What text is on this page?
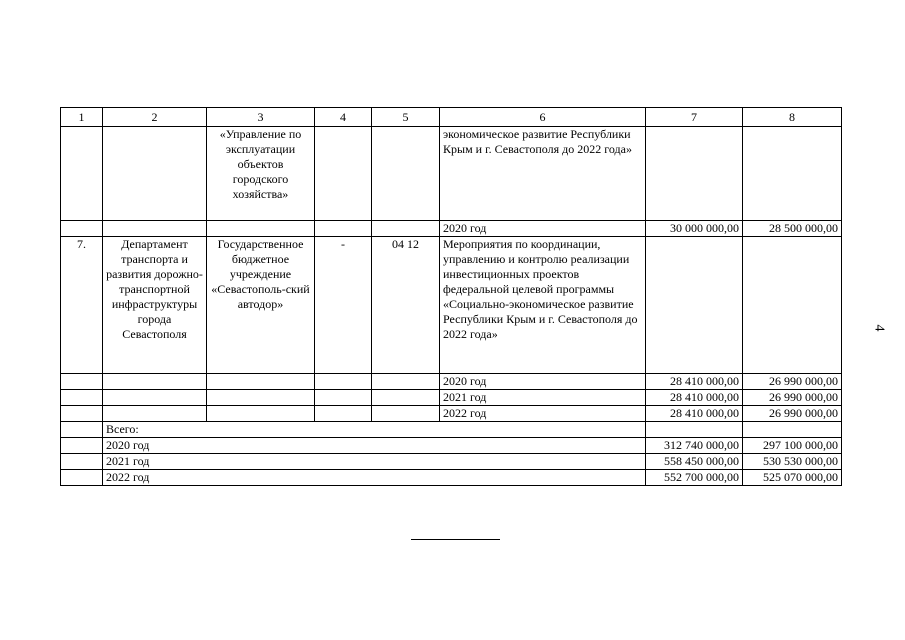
1	2	3	4	5	6	7	8
		«Управление по эксплуатации объектов городского хозяйства»			экономическое развитие Республики Крым и г. Севастополя до 2022 года»		
					2020 год	30 000 000,00	28 500 000,00
7.	Департамент транспорта и развития дорожно-транспортной инфраструктуры города Севастополя	Государственное бюджетное учреждение «Севастополь-ский автодор»	-	04 12	Мероприятия по координации, управлению и контролю реализации инвестиционных проектов федеральной целевой программы «Социально-экономическое развитие Республики Крым и г. Севастополя до 2022 года»		
					2020 год	28 410 000,00	26 990 000,00
					2021 год	28 410 000,00	26 990 000,00
					2022 год	28 410 000,00	26 990 000,00
	Всего:						
	2020 год					312 740 000,00	297 100 000,00
	2021 год					558 450 000,00	530 530 000,00
	2022 год					552 700 000,00	525 070 000,00
4
